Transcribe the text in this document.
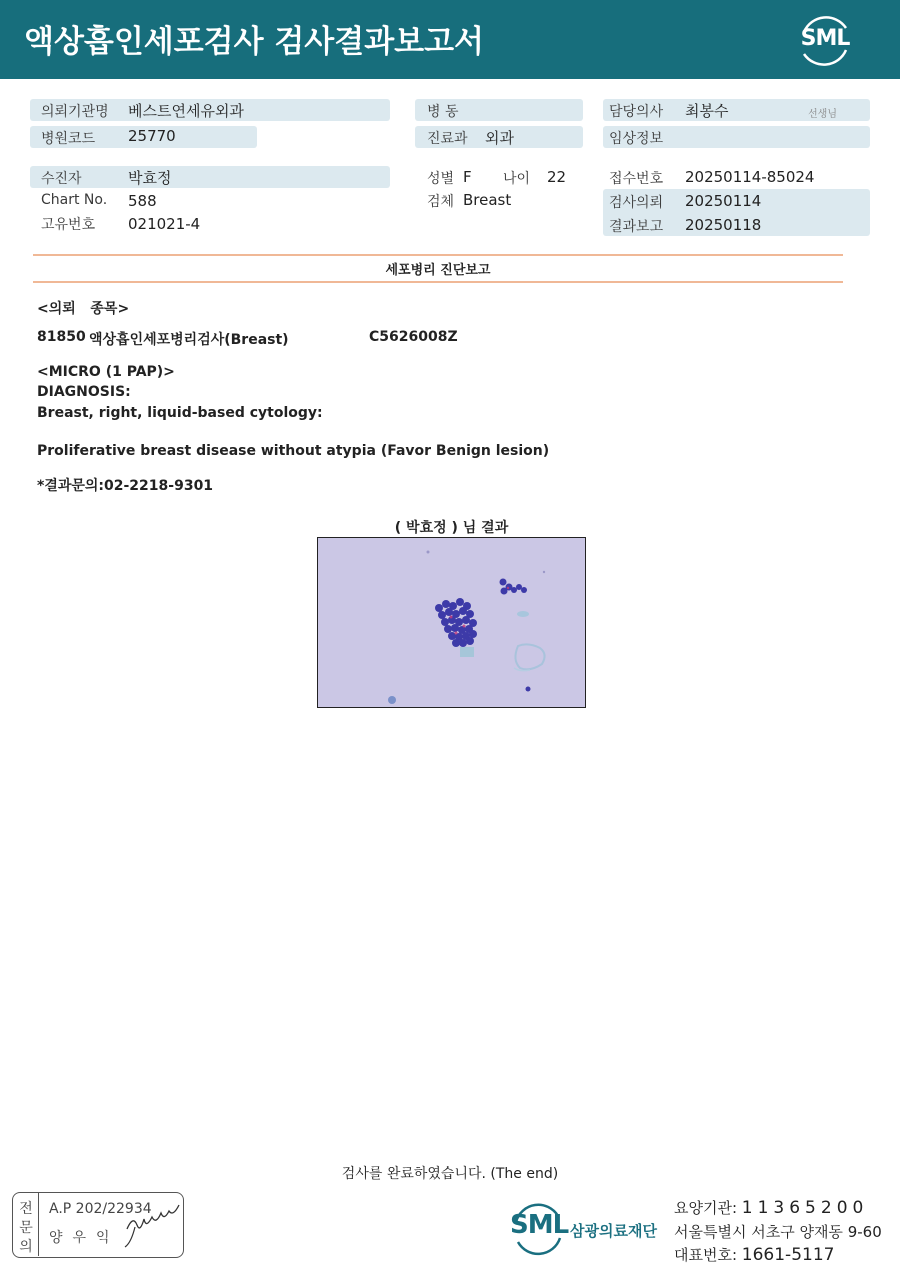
액상흡인세포검사 검사결과보고서	SML
의뢰기관명 베스트연세유외과
병원코드 25770
병 동
진료과 외과
담당의사 최봉수	선생님
임상정보
수진자	박효정
Chart No. 588
고유번호 021021-4
성별 F 나이 22
검체 Breast
접수번호 20250114-85024
검사의뢰 20250114
결과보고 20250118
세포병리 진단보고
<의뢰   종목>
81850 액상흡인세포병리검사(Breast)	C5626008Z
<MICRO (1 PAP)>
DIAGNOSIS:
Breast, right, liquid-based cytology:
Proliferative breast disease without atypia (Favor Benign lesion)
*결과문의:02-2218-9301
( 박효정 ) 님 결과
검사를 완료하였습니다. (The end)
전
문
의
A.P 202/22934
양우익	SML 삼광의료재단
요양기관: 11365200
서울특별시 서초구 양재동 9-60
대표번호: 1661-5117
